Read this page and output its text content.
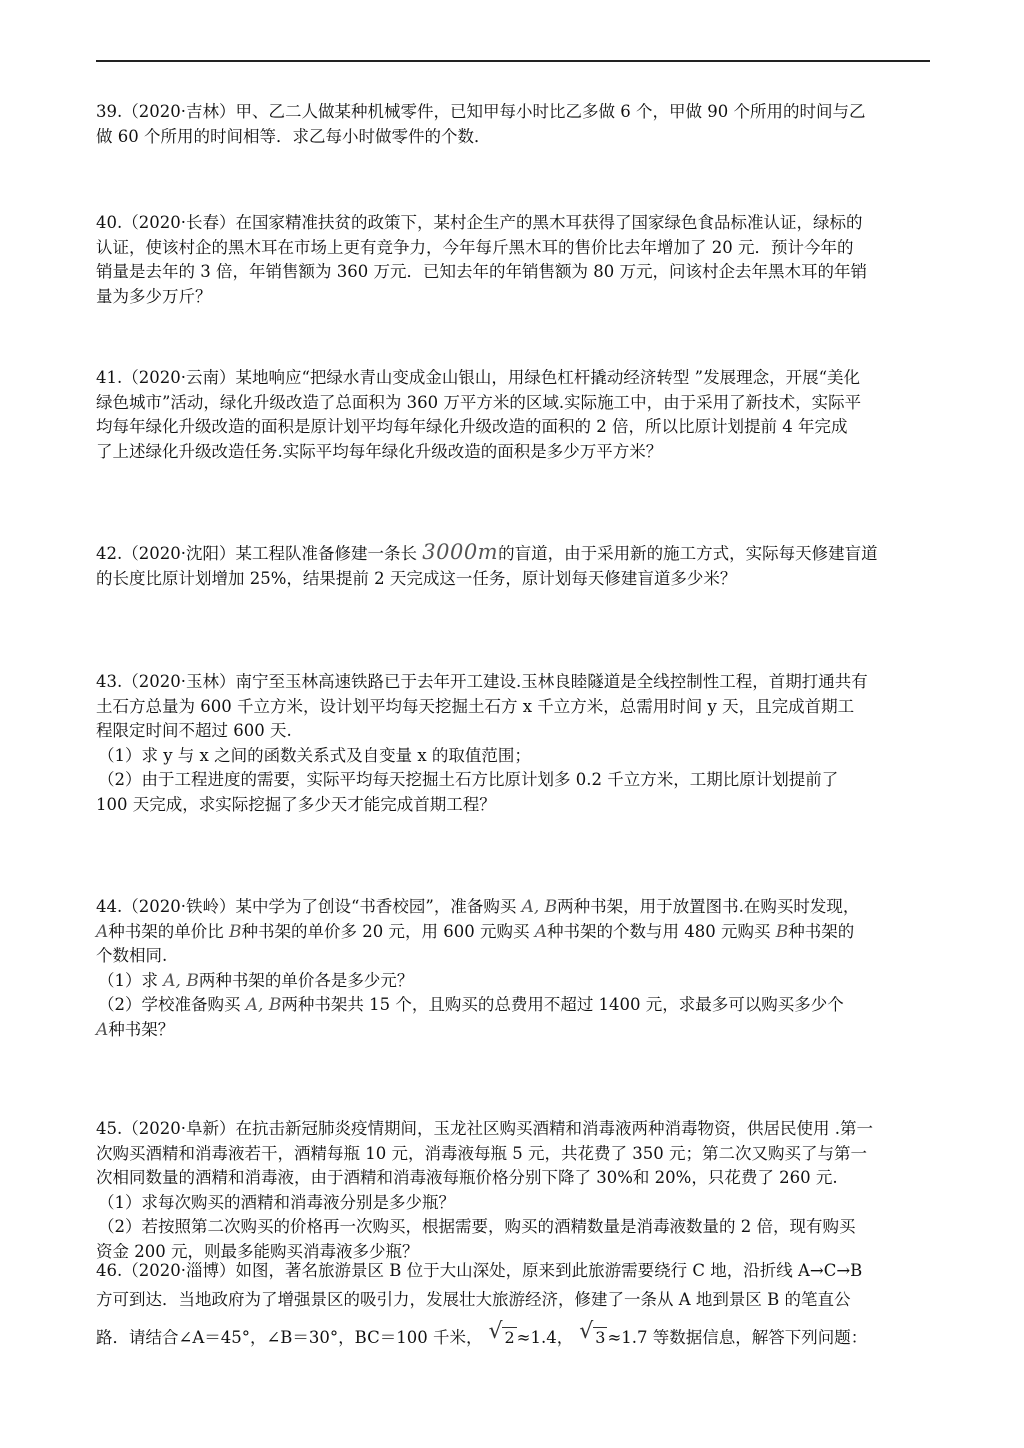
39.（2020·吉林）甲、乙二人做某种机械零件，已知甲每小时比乙多做 6 个，甲做 90 个所用的时间与乙

做 60 个所用的时间相等．求乙每小时做零件的个数．

40.（2020·长春）在国家精准扶贫的政策下，某村企生产的黑木耳获得了国家绿色食品标准认证，绿标的

认证，使该村企的黑木耳在市场上更有竞争力，今年每斤黑木耳的售价比去年增加了 20 元．预计今年的

销量是去年的 3 倍，年销售额为 360 万元．已知去年的年销售额为 80 万元，问该村企去年黑木耳的年销

量为多少万斤？

41.（2020·云南）某地响应“把绿水青山变成金山银山，用绿色杠杆撬动经济转型 ”发展理念，开展“美化

绿色城市”活动，绿化升级改造了总面积为 360 万平方米的区域.实际施工中，由于采用了新技术，实际平

均每年绿化升级改造的面积是原计划平均每年绿化升级改造的面积的 2 倍，所以比原计划提前 4 年完成

了上述绿化升级改造任务.实际平均每年绿化升级改造的面积是多少万平方米？

42.（2020·沈阳）某工程队准备修建一条长 3000m的盲道，由于采用新的施工方式，实际每天修建盲道

的长度比原计划增加 25%，结果提前 2 天完成这一任务，原计划每天修建盲道多少米？

43.（2020·玉林）南宁至玉林高速铁路已于去年开工建设.玉林良睦隧道是全线控制性工程，首期打通共有

土石方总量为 600 千立方米，设计划平均每天挖掘土石方 x 千立方米，总需用时间 y 天，且完成首期工

程限定时间不超过 600 天.

（1）求 y 与 x 之间的函数关系式及自变量 x 的取值范围；

（2）由于工程进度的需要，实际平均每天挖掘土石方比原计划多 0.2 千立方米，工期比原计划提前了

100 天完成，求实际挖掘了多少天才能完成首期工程？

44.（2020·铁岭）某中学为了创设“书香校园”，准备购买 A, B两种书架，用于放置图书.在购买时发现，

A种书架的单价比 B种书架的单价多 20 元，用 600 元购买 A种书架的个数与用 480 元购买 B种书架的

个数相同.

（1）求 A, B两种书架的单价各是多少元？

（2）学校准备购买 A, B两种书架共 15 个，且购买的总费用不超过 1400 元，求最多可以购买多少个

A种书架？

45.（2020·阜新）在抗击新冠肺炎疫情期间，玉龙社区购买酒精和消毒液两种消毒物资，供居民使用 .第一

次购买酒精和消毒液若干，酒精每瓶 10 元，消毒液每瓶 5 元，共花费了 350 元；第二次又购买了与第一

次相同数量的酒精和消毒液，由于酒精和消毒液每瓶价格分别下降了 30%和 20%，只花费了 260 元.

（1）求每次购买的酒精和消毒液分别是多少瓶？

（2）若按照第二次购买的价格再一次购买，根据需要，购买的酒精数量是消毒液数量的 2 倍，现有购买

资金 200 元，则最多能购买消毒液多少瓶？

46.（2020·淄博）如图，著名旅游景区 B 位于大山深处，原来到此旅游需要绕行 C 地，沿折线 A→C→B

方可到达．当地政府为了增强景区的吸引力，发展壮大旅游经济，修建了一条从 A 地到景区 B 的笔直公

路．请结合∠A＝45°，∠B＝30°，BC＝100 千米， √ 2 ≈1.4， √ 3 ≈1.7 等数据信息，解答下列问题：
